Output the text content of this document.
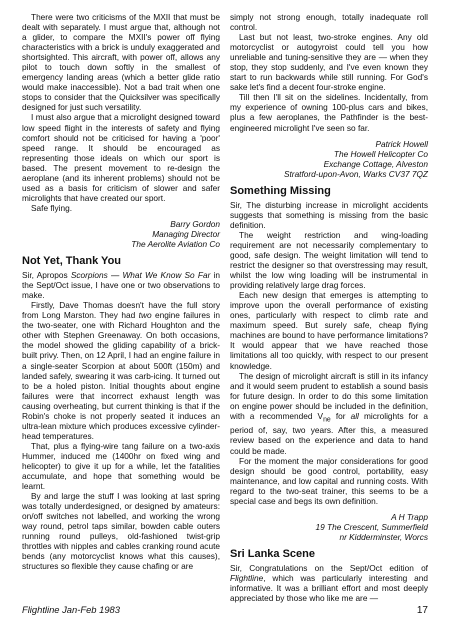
There were two criticisms of the MXII that must be dealt with separately. I must argue that, although not a glider, to compare the MXII's power off flying characteristics with a brick is unduly exaggerated and shortsighted. This aircraft, with power off, allows any pilot to touch down softly in the smallest of emergency landing areas (which a better glide ratio would make inaccessible). Not a bad trait when one stops to consider that the Quicksilver was specifically designed for just such versatility.

I must also argue that a microlight designed toward low speed flight in the interests of safety and flying comfort should not be criticised for having a 'poor' speed range. It should be encouraged as representing those ideals on which our sport is based. The present movement to re-design the aeroplane (and its inherent problems) should not be used as a basis for criticism of slower and safer microlights that have created our sport.

Safe flying.

Barry Gordon

Managing Director

The Aerolite Aviation Co

Not Yet, Thank You

Sir, Apropos Scorpions — What We Know So Far in the Sept/Oct issue, I have one or two observations to make.

Firstly, Dave Thomas doesn't have the full story from Long Marston. They had two engine failures in the two-seater, one with Richard Houghton and the other with Stephen Greenaway. On both occasions, the model showed the gliding capability of a brick-built privy. Then, on 12 April, I had an engine failure in a single-seater Scorpion at about 500ft (150m) and landed safely, swearing it was carb-icing. It turned out to be a holed piston. Initial thoughts about engine failures were that incorrect exhaust length was causing overheating, but current thinking is that if the Robin's choke is not properly seated it induces an ultra-lean mixture which produces excessive cylinder-head temperatures.

That, plus a flying-wire tang failure on a two-axis Hummer, induced me (1400hr on fixed wing and helicopter) to give it up for a while, let the fatalities accumulate, and hope that something would be learnt.

By and large the stuff I was looking at last spring was totally underdesigned, or designed by amateurs: on/off switches not labelled, and working the wrong way round, petrol taps similar, bowden cable outers running round pulleys, old-fashioned twist-grip throttles with nipples and cables cranking round acute bends (any motorcyclist knows what this causes), structures so flexible they cause chafing or are

simply not strong enough, totally inadequate roll control.

Last but not least, two-stroke engines. Any old motorcyclist or autogyroist could tell you how unreliable and tuning-sensitive they are — when they stop, they stop suddenly, and I've even known they start to run backwards while still running. For God's sake let's find a decent four-stroke engine.

Till then I'll sit on the sidelines. Incidentally, from my experience of owning 100-plus cars and bikes, plus a few aeroplanes, the Pathfinder is the best-engineered microlight I've seen so far.

Patrick Howell

The Howell Helicopter Co

Exchange Cottage, Alveston

Stratford-upon-Avon, Warks CV37 7QZ

Something Missing

Sir, The disturbing increase in microlight accidents suggests that something is missing from the basic definition.

The weight restriction and wing-loading requirement are not necessarily complementary to good, safe design. The weight limitation will tend to restrict the designer so that overstressing may result, whilst the low wing loading will be instrumental in providing relatively large drag forces.

Each new design that emerges is attempting to improve upon the overall performance of existing ones, particularly with respect to climb rate and maximum speed. But surely safe, cheap flying machines are bound to have performance limitations? It would appear that we have reached those limitations all too quickly, with respect to our present knowledge.

The design of microlight aircraft is still in its infancy and it would seem prudent to establish a sound basis for future design. In order to do this some limitation on engine power should be included in the definition, with a recommended $V_{ne}$ for all microlights for a period of, say, two years. After this, a measured review based on the experience and data to hand could be made.

For the moment the major considerations for good design should be good control, portability, easy maintenance, and low capital and running costs. With regard to the two-seat trainer, this seems to be a special case and begs its own definition.

A H Trapp

19 The Crescent, Summerfield

nr Kidderminster, Worcs

Sri Lanka Scene

Sir, Congratulations on the Sept/Oct edition of Flightline, which was particularly interesting and informative. It was a brilliant effort and most deeply appreciated by those who like me are —

Flightline Jan-Feb 1983	17
